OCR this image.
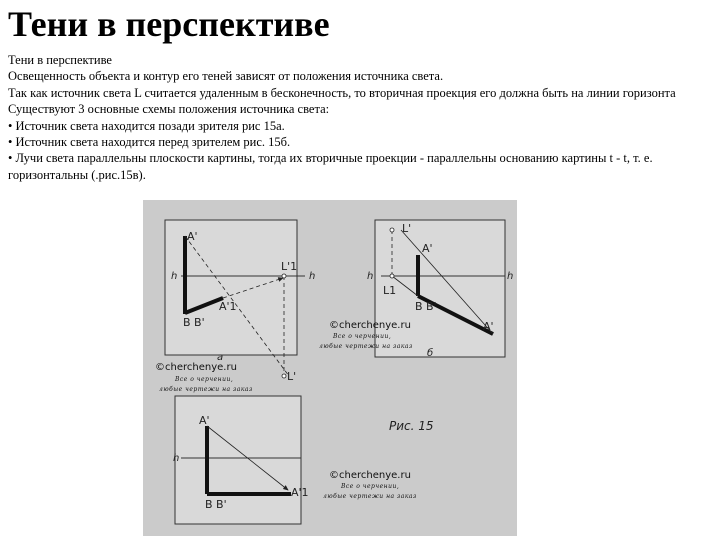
Тени в перспективе

Тени в перспективе

Освещенность объекта и контур его теней зависят от положения источника света.

Так как источник света L считается удаленным в бесконечность, то вторичная проекция его должна быть на линии горизонта

Существуют 3 основные схемы положения источника света:

• Источник света находится позади зрителя рис 15а.

• Источник света находится перед зрителем рис. 15б.

• Лучи света параллельны плоскости картины, тогда их вторичные проекции - параллельны основанию картины t - t, т. е. горизонтальны (.рис.15в).

h	h
A'
B B'
A'1
L'1
L'
а
h	h
L'
A'
L1
B B'
A'
б
h
A'
B B'
A'1
Рис. 15
©cherchenye.ru
Все о черчении,
любые чертежи на заказ
©cherchenye.ru
Все о черчении,
любые чертежи на заказ
©cherchenye.ru
Все о черчении,
любые чертежи на заказ
